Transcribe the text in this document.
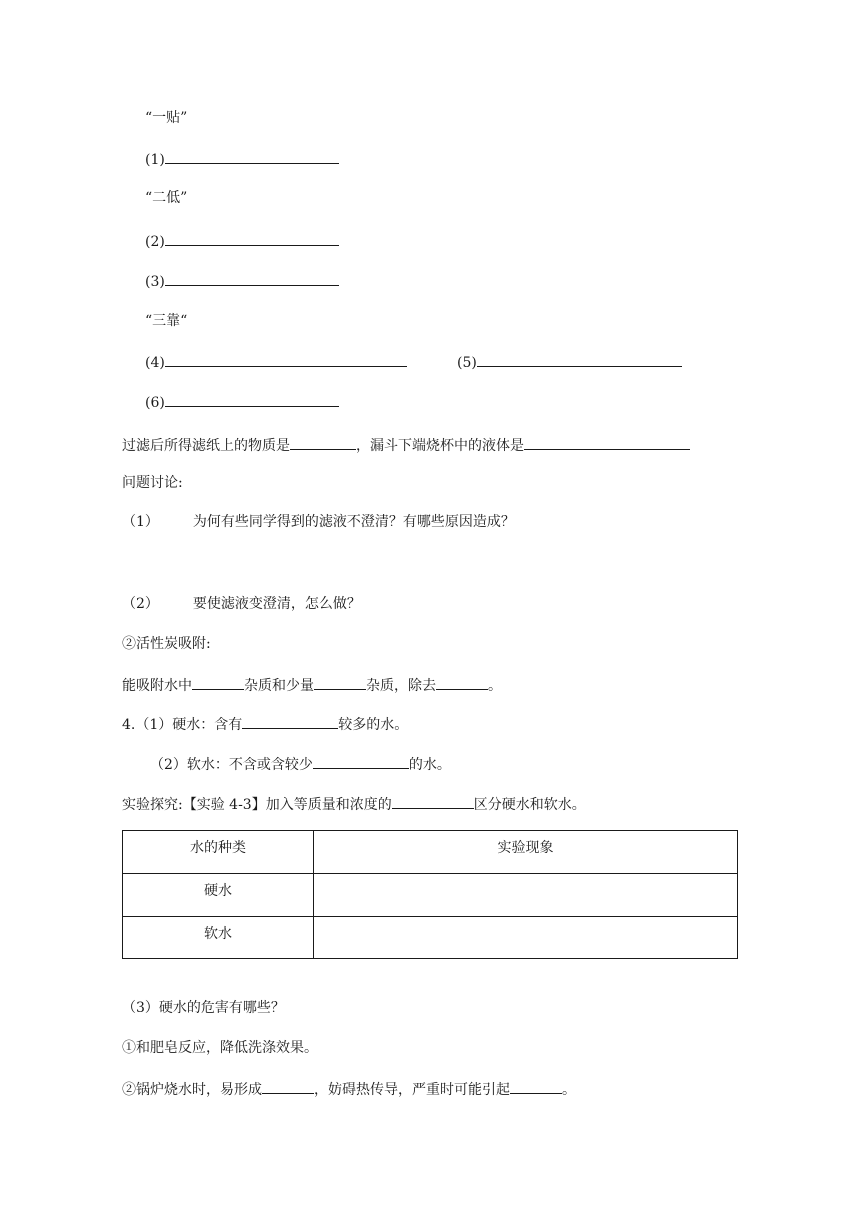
“一贴”
(1)
“二低”
(2)
(3)
“三靠“
(4)	(5)
(6)
过滤后所得滤纸上的物质是	，漏斗下端烧杯中的液体是
问题讨论:
（1） 为何有些同学得到的滤液不澄清？有哪些原因造成？
（2） 要使滤液变澄清，怎么做？
②活性炭吸附:
能吸附水中	杂质和少量	杂质，除去	。
4.（1）硬水：含有	较多的水。
（2）软水：不含或含较少	的水。
实验探究:【实验 4-3】加入等质量和浓度的	区分硬水和软水。
水的种类	实验现象
硬水	
软水	
（3）硬水的危害有哪些？
①和肥皂反应，降低洗涤效果。
②锅炉烧水时，易形成	，妨碍热传导，严重时可能引起	。
